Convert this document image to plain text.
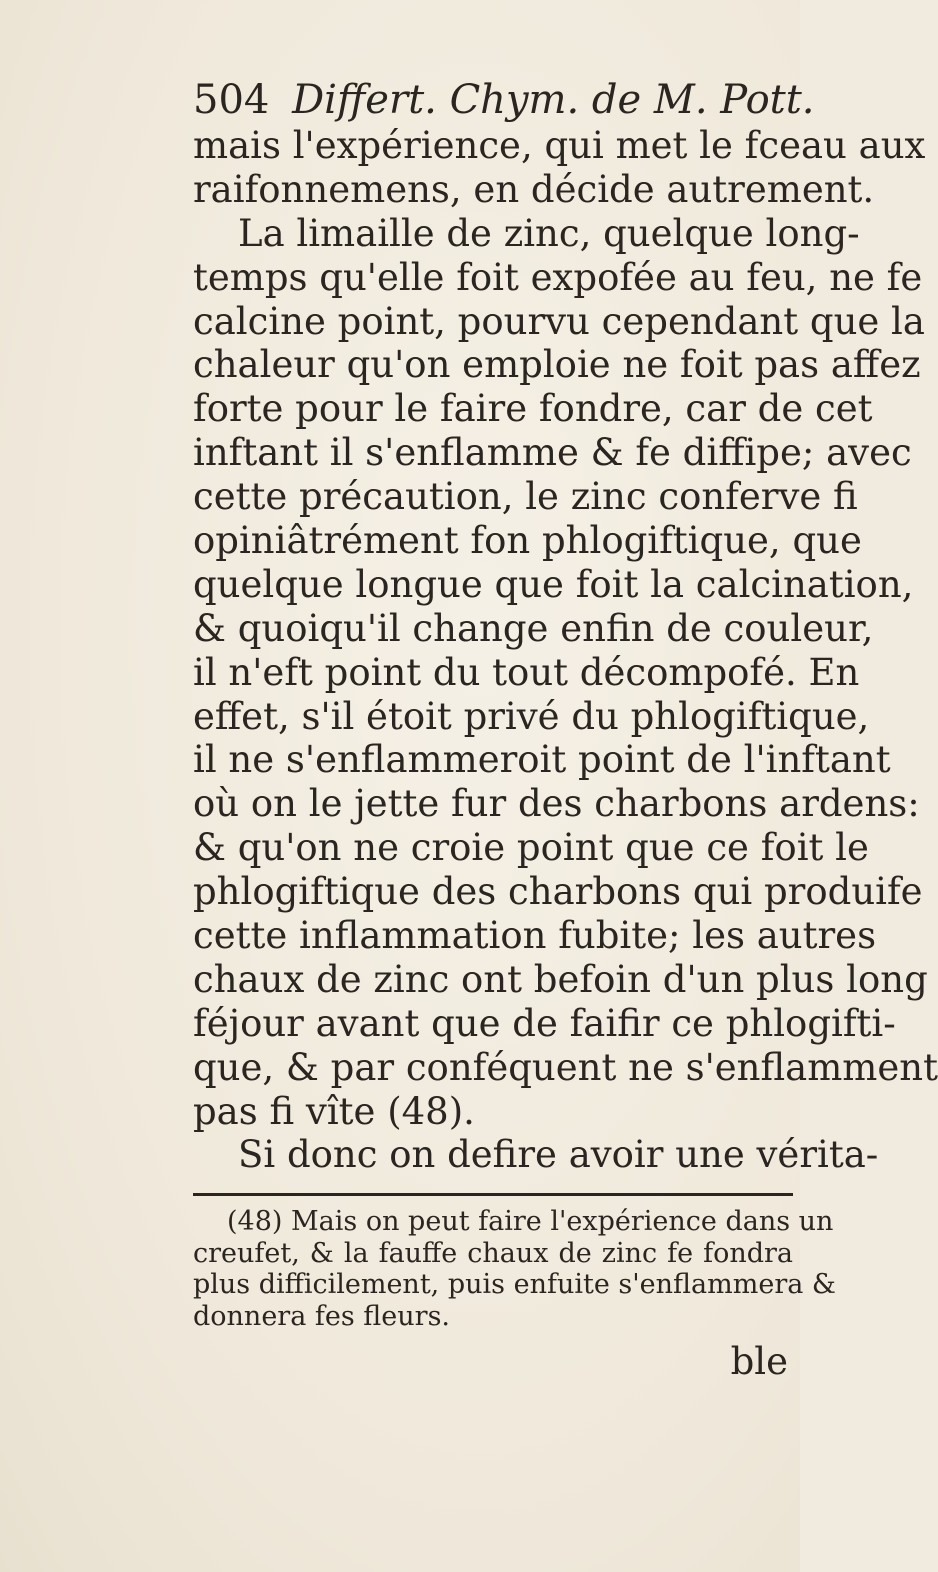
504 Differt. Chym. de M. Pott.
mais l'expérience, qui met le fceau aux
raifonnemens, en décide autrement.
La limaille de zinc, quelque long-
temps qu'elle foit expofée au feu, ne fe
calcine point, pourvu cependant que la
chaleur qu'on emploie ne foit pas affez
forte pour le faire fondre, car de cet
inftant il s'enflamme & fe diffipe; avec
cette précaution, le zinc conferve fi
opiniâtrément fon phlogiftique, que
quelque longue que foit la calcination,
& quoiqu'il change enfin de couleur,
il n'eft point du tout décompofé. En
effet, s'il étoit privé du phlogiftique,
il ne s'enflammeroit point de l'inftant
où on le jette fur des charbons ardens:
& qu'on ne croie point que ce foit le
phlogiftique des charbons qui produife
cette inflammation fubite; les autres
chaux de zinc ont befoin d'un plus long
féjour avant que de faifir ce phlogifti-
que, & par conféquent ne s'enflamment
pas fi vîte (48).
Si donc on defire avoir une vérita-
(48) Mais on peut faire l'expérience dans un
creufet, & la fauffe chaux de zinc fe fondra
plus difficilement, puis enfuite s'enflammera &
donnera fes fleurs.
ble
